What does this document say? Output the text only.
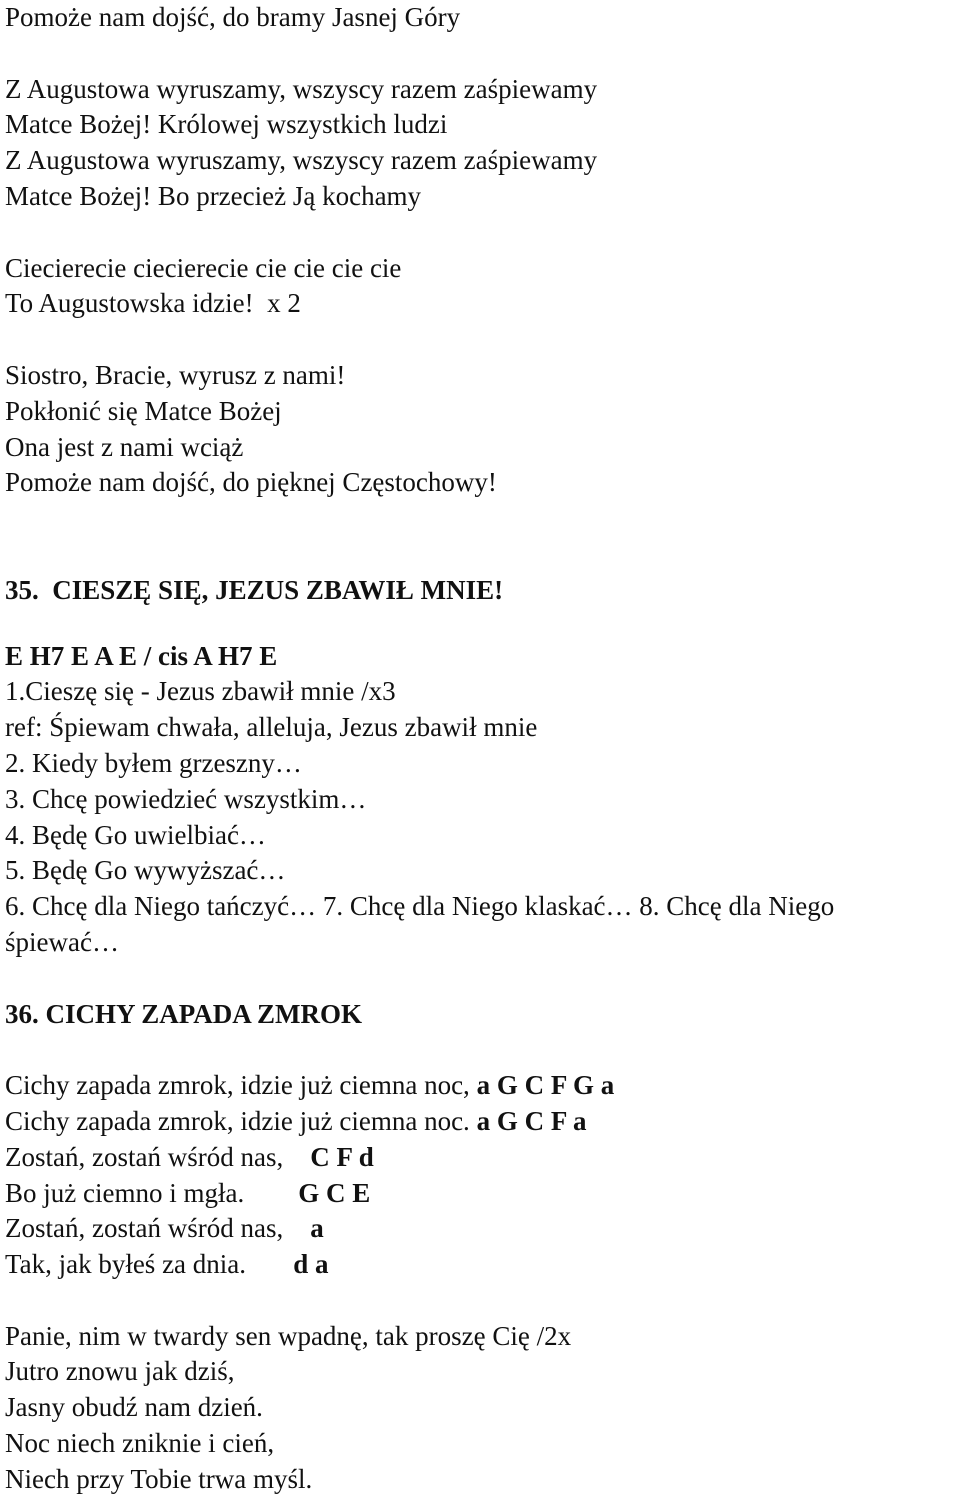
Pomoże nam dojść, do bramy Jasnej Góry
Z Augustowa wyruszamy, wszyscy razem zaśpiewamy
Matce Bożej! Królowej wszystkich ludzi
Z Augustowa wyruszamy, wszyscy razem zaśpiewamy
Matce Bożej! Bo przecież Ją kochamy
Ciecierecie ciecierecie cie cie cie cie
To Augustowska idzie!  x 2
Siostro, Bracie, wyrusz z nami!
Pokłonić się Matce Bożej
Ona jest z nami wciąż
Pomoże nam dojść, do pięknej Częstochowy!
35.  CIESZĘ SIĘ, JEZUS ZBAWIŁ MNIE!
E H7 E A E / cis A H7 E
1.Cieszę się - Jezus zbawił mnie /x3
ref: Śpiewam chwała, alleluja, Jezus zbawił mnie
2. Kiedy byłem grzeszny…
3. Chcę powiedzieć wszystkim…
4. Będę Go uwielbiać…
5. Będę Go wywyższać…
6. Chcę dla Niego tańczyć… 7. Chcę dla Niego klaskać… 8. Chcę dla Niego
śpiewać…
36. CICHY ZAPADA ZMROK
Cichy zapada zmrok, idzie już ciemna noc, a G C F G a
Cichy zapada zmrok, idzie już ciemna noc. a G C F a
Zostań, zostań wśród nas,    C F d
Bo już ciemno i mgła.        G C E
Zostań, zostań wśród nas,    a
Tak, jak byłeś za dnia.       d a
Panie, nim w twardy sen wpadnę, tak proszę Cię /2x
Jutro znowu jak dziś,
Jasny obudź nam dzień.
Noc niech zniknie i cień,
Niech przy Tobie trwa myśl.
